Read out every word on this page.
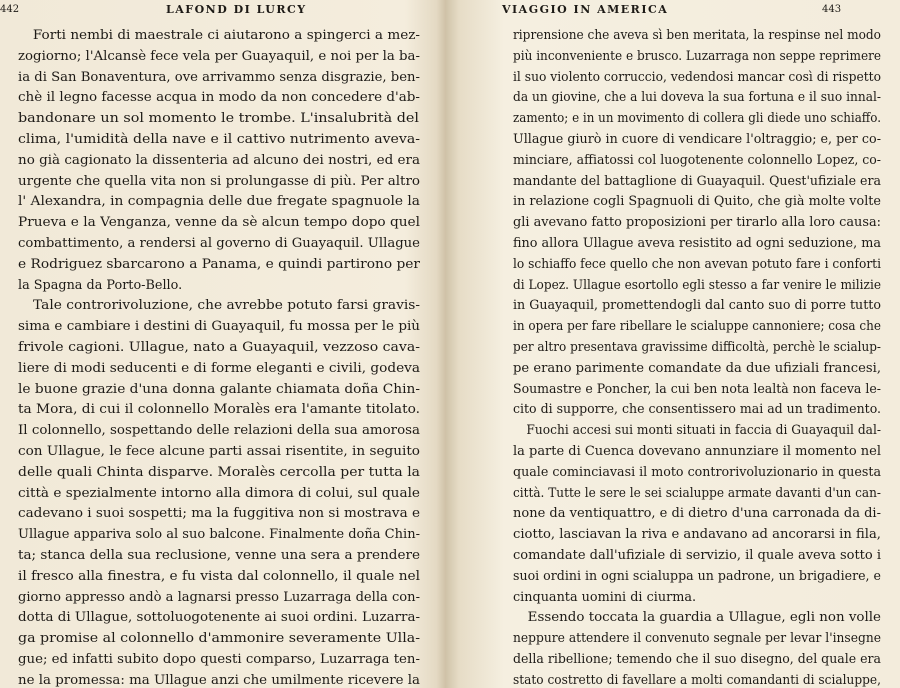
442	LAFOND DI LURCY
Forti nembi di maestrale ci aiutarono a spingerci a mez-
zogiorno; l'Alcansè fece vela per Guayaquil, e noi per la ba-
ia di San Bonaventura, ove arrivammo senza disgrazie, ben-
chè il legno facesse acqua in modo da non concedere d'ab-
bandonare un sol momento le trombe. L'insalubrità del
clima, l'umidità della nave e il cattivo nutrimento aveva-
no già cagionato la dissenteria ad alcuno dei nostri, ed era
urgente che quella vita non si prolungasse di più. Per altro
l' Alexandra, in compagnia delle due fregate spagnuole la
Prueva e la Venganza, venne da sè alcun tempo dopo quel
combattimento, a rendersi al governo di Guayaquil. Ullague
e Rodriguez sbarcarono a Panama, e quindi partirono per
la Spagna da Porto-Bello.
Tale controrivoluzione, che avrebbe potuto farsi gravis-
sima e cambiare i destini di Guayaquil, fu mossa per le più
frivole cagioni. Ullague, nato a Guayaquil, vezzoso cava-
liere di modi seducenti e di forme eleganti e civili, godeva
le buone grazie d'una donna galante chiamata doña Chin-
ta Mora, di cui il colonnello Moralès era l'amante titolato.
Il colonnello, sospettando delle relazioni della sua amorosa
con Ullague, le fece alcune parti assai risentite, in seguito
delle quali Chinta disparve. Moralès cercolla per tutta la
città e spezialmente intorno alla dimora di colui, sul quale
cadevano i suoi sospetti; ma la fuggitiva non si mostrava e
Ullague appariva solo al suo balcone. Finalmente doña Chin-
ta; stanca della sua reclusione, venne una sera a prendere
il fresco alla finestra, e fu vista dal colonnello, il quale nel
giorno appresso andò a lagnarsi presso Luzarraga della con-
dotta di Ullague, sottoluogotenente ai suoi ordini. Luzarra-
ga promise al colonnello d'ammonire severamente Ulla-
gue; ed infatti subito dopo questi comparso, Luzarraga ten-
ne la promessa: ma Ullague anzi che umilmente ricevere la
VIAGGIO IN AMERICA	443
riprensione che aveva sì ben meritata, la respinse nel modo
più inconveniente e brusco. Luzarraga non seppe reprimere
il suo violento corruccio, vedendosi mancar così di rispetto
da un giovine, che a lui doveva la sua fortuna e il suo innal-
zamento; e in un movimento di collera gli diede uno schiaffo.
Ullague giurò in cuore di vendicare l'oltraggio; e, per co-
minciare, affiatossi col luogotenente colonnello Lopez, co-
mandante del battaglione di Guayaquil. Quest'ufiziale era
in relazione cogli Spagnuoli di Quito, che già molte volte
gli avevano fatto proposizioni per tirarlo alla loro causa:
fino allora Ullague aveva resistito ad ogni seduzione, ma
lo schiaffo fece quello che non avevan potuto fare i conforti
di Lopez. Ullague esortollo egli stesso a far venire le milizie
in Guayaquil, promettendogli dal canto suo di porre tutto
in opera per fare ribellare le scialuppe cannoniere; cosa che
per altro presentava gravissime difficoltà, perchè le scialup-
pe erano parimente comandate da due ufiziali francesi,
Soumastre e Poncher, la cui ben nota lealtà non faceva le-
cito di supporre, che consentissero mai ad un tradimento.
Fuochi accesi sui monti situati in faccia di Guayaquil dal-
la parte di Cuenca dovevano annunziare il momento nel
quale cominciavasi il moto controrivoluzionario in questa
città. Tutte le sere le sei scialuppe armate davanti d'un can-
none da ventiquattro, e di dietro d'una carronada da di-
ciotto, lasciavan la riva e andavano ad ancorarsi in fila,
comandate dall'ufiziale di servizio, il quale aveva sotto i
suoi ordini in ogni scialuppa un padrone, un brigadiere, e
cinquanta uomini di ciurma.
Essendo toccata la guardia a Ullague, egli non volle
neppure attendere il convenuto segnale per levar l'insegne
della ribellione; temendo che il suo disegno, del quale era
stato costretto di favellare a molti comandanti di scialuppe,
